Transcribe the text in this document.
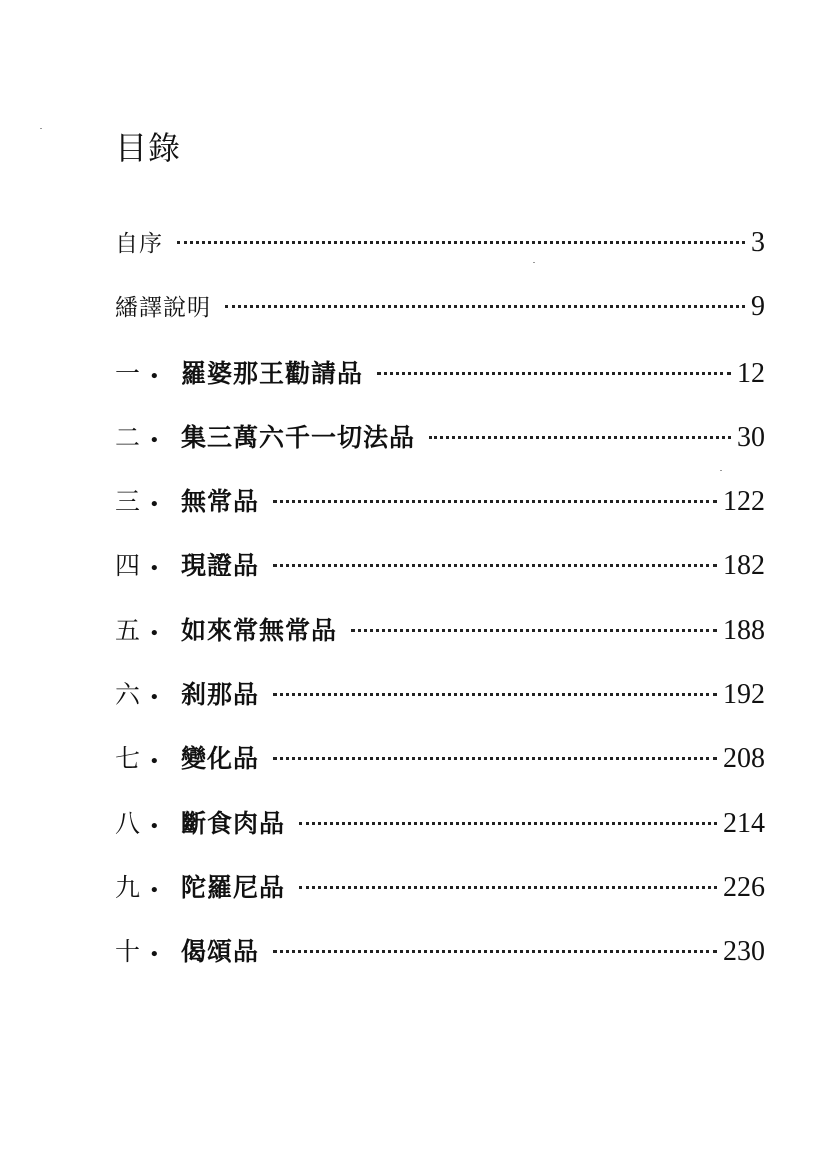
目錄
自序	3
繙譯說明	9
一 • 羅婆那王勸請品	12
二 • 集三萬六千一切法品	30
三 • 無常品	122
四 • 現證品	182
五 • 如來常無常品	188
六 • 刹那品	192
七 • 變化品	208
八 • 斷食肉品	214
九 • 陀羅尼品	226
十 • 偈頌品	230
